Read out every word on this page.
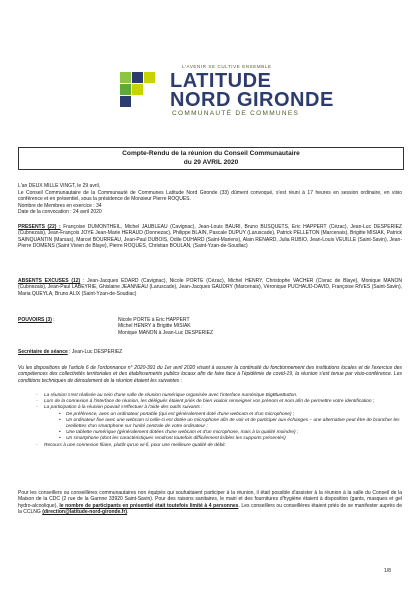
L'AVENIR SE CULTIVE ENSEMBLE
LATITUDE
NORD GIRONDE
COMMUNAUTÉ DE COMMUNES
Compte-Rendu de la réunion du Conseil Communautaire
du 29 AVRIL 2020

L'an DEUX MILLE VINGT, le 29 avril,

Le Conseil Communautaire de la Communauté de Communes Latitude Nord Gironde (33) dûment convoqué, s'est réuni à 17 heures en session ordinaire, en visio conférence et en présentiel, sous la présidence de Monsieur Pierre ROQUES.

Nombre de Membres en exercice : 34

Date de la convocation : 24 avril 2020

PRESENTS (22) : Françoise DUMONTHEIL, Michel JAUBLEAU (Cavignac), Jean-Louis BAURI, Bruno BUSQUETS, Eric HAPPERT (Cézac), Jean-Luc DESPERIEZ (Cubnezais), Jean-François JOYE Jean-Marie HERAUD (Donnezac), Philippe BLAIN, Pascale DUPUY (Laruscade), Patrick PELLETON (Marcenais), Brigitte MISIAK, Patrick SAINQUANTIN (Marsas), Marcel BOURREAU, Jean-Paul DUBOIS, Odile DUHARD (Saint-Mariens), Alain RENARD, Julia RUBIO, Jean-Louis VEUILLE (Saint-Savin), Jean-Pierre DOMENS (Saint Vivien de Blaye), Pierre ROQUES, Christian BOULAN, (Saint-Yzan-de-Soudiac)

ABSENTS EXCUSES (12) : Jean-Jacques EDARD (Cavignac), Nicole PORTE (Cézac), Michel HENRY, Christophe VACHER (Civrac de Blaye), Monique MANON (Cubnezais), Jean-Paul LABEYRIE, Ghislaine JEANNEAU (Laruscade), Jean-Jacques GAUDRY (Marcenais), Véronique PUCHAUD-DAVID, Françoise RIVES (Saint-Savin), Maria QUEYLA, Bruno ALIX (Saint-Yzan-de-Soudiac)

POUVOIRS (3) :	Nicole PORTE à Eric HAPPERT
Michel HENRY à Brigitte MISIAK
Monique MANON à Jean-Luc DESPERIEZ
Secrétaire de séance : Jean-Luc DESPERIEZ

Vu les dispositions de l'article 6 de l'ordonnance n° 2020-391 du 1er avril 2020 visant à assurer la continuité du fonctionnement des institutions locales et de l'exercice des compétences des collectivités territoriales et des établissements publics locaux afin de faire face à l'épidémie de covid-19, la réunion s'est tenue par visio-conférence. Les conditions techniques de déroulement de la réunion étaient les suivantes :

- La réunion s'est réalisée au sein d'une salle de réunion numérique organisée avec l'interface numérique BigBlueButton.
- Lors de la connexion à l'interface de réunion, les délégués étaient priés de bien vouloir renseigner vos prénom et nom afin de permettre votre identification ;
- La participation à la réunion pouvait s'effectuer à l'aide des outils suivants :
• De préférence, avec un ordinateur portable (qui est généralement doté d'une webcam et d'un microphone) ;
• Un ordinateur fixe avec une webcam si celle-ci est dotée un microphone afin de voir et de participer aux échanges – une alternative peut être de brancher les oreillettes d'un smartphone sur l'unité centrale de votre ordinateur ;
• Une tablette numérique (généralement dotées d'une webcam et d'un microphone, mais à la qualité moindre) ;
• Un smartphone (dont les caractéristiques rendront toutefois difficilement lisibles les supports présentés)
- Recours à une connexion filaire, plutôt qu'un wi-fi, pour une meilleure qualité de débit.

Pour les conseillers ou conseillères communautaires non équipés qui souhaitaient participer à la réunion, il était possible d'assister à la réunion à la salle du Conseil de la Maison de la CDC (2 rue de la Garnne 33920 Saint-Savin). Pour des raisons sanitaires, le mairi et des fournitures d'hygiène étaient à disposition (gants, masques et gel hydro-alcoolique), le nombre de participants en présentiel était toutefois limité à 4 personnes. Les conseillers ou conseillères étaient priés de se manifester auprès de la CCLNG (direction@latitude-nord-gironde.fr).

1/8
